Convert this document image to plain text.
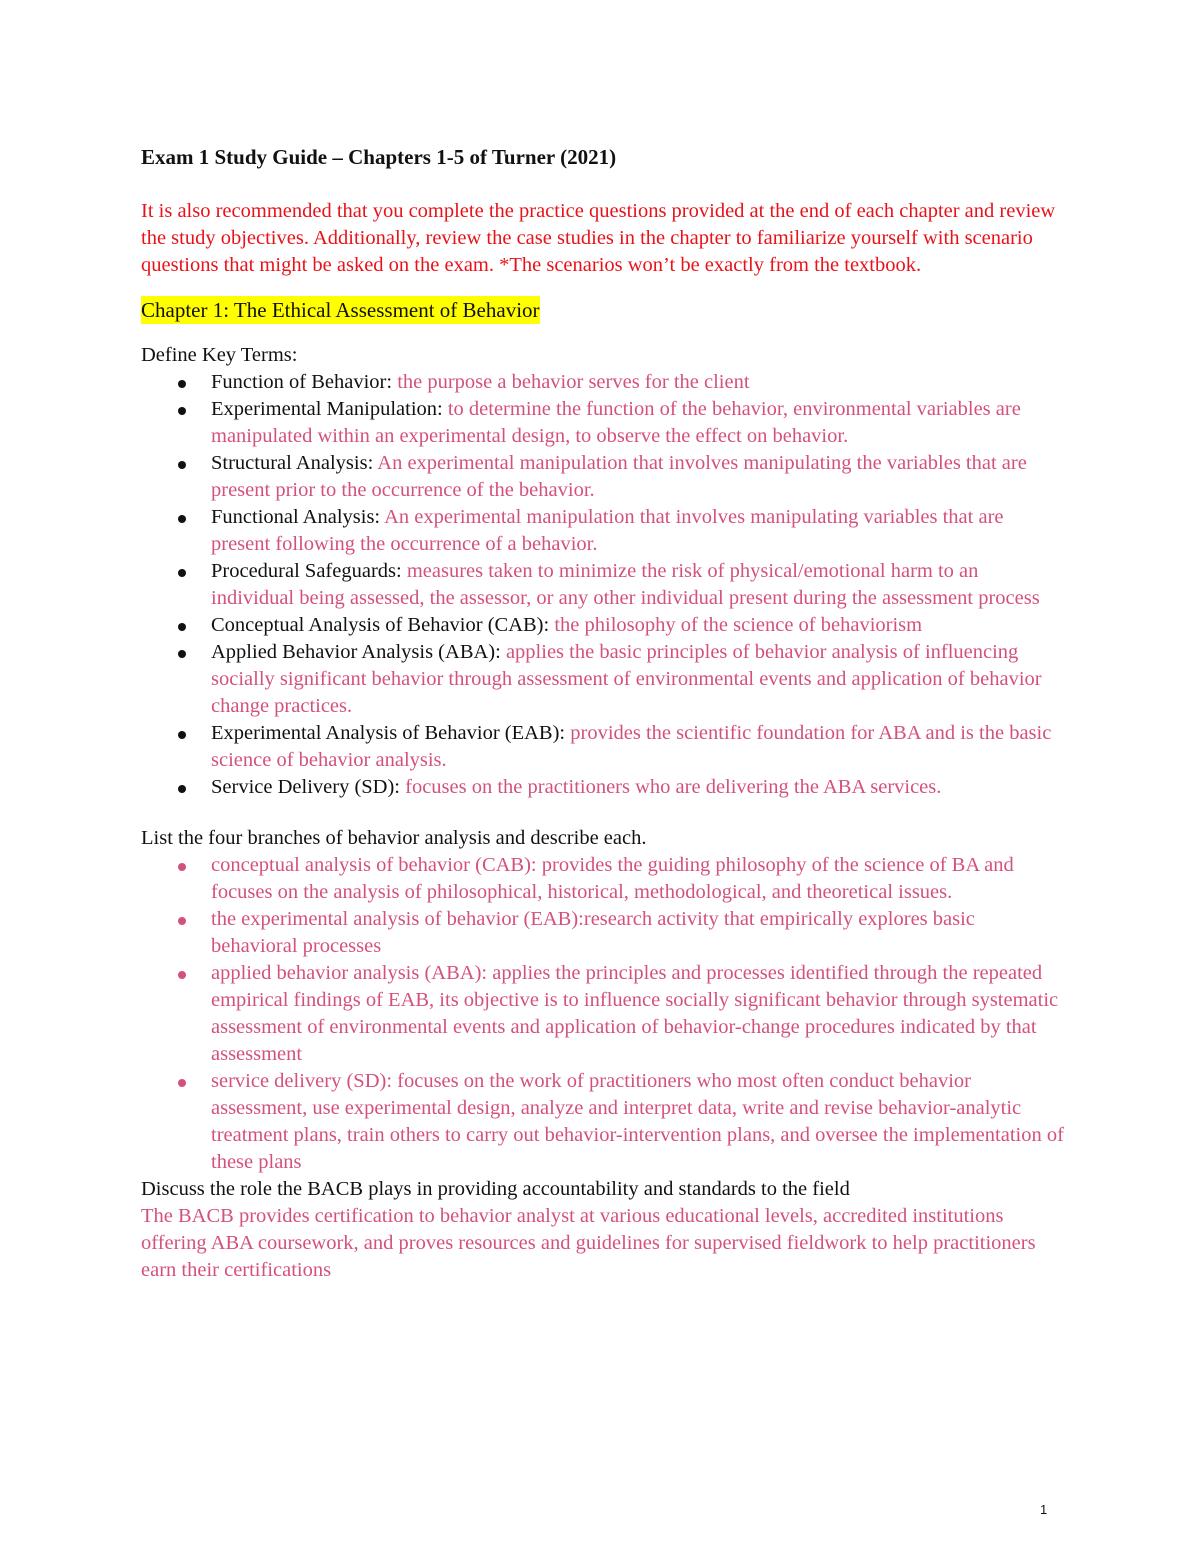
Exam 1 Study Guide – Chapters 1-5 of Turner (2021)

It is also recommended that you complete the practice questions provided at the end of each chapter and review the study objectives. Additionally, review the case studies in the chapter to familiarize yourself with scenario questions that might be asked on the exam. *The scenarios won’t be exactly from the textbook.

Chapter 1: The Ethical Assessment of Behavior

Define Key Terms:

Function of Behavior: the purpose a behavior serves for the client
Experimental Manipulation: to determine the function of the behavior, environmental variables are manipulated within an experimental design, to observe the effect on behavior.
Structural Analysis: An experimental manipulation that involves manipulating the variables that are present prior to the occurrence of the behavior.
Functional Analysis: An experimental manipulation that involves manipulating variables that are present following the occurrence of a behavior.
Procedural Safeguards: measures taken to minimize the risk of physical/emotional harm to an individual being assessed, the assessor, or any other individual present during the assessment process
Conceptual Analysis of Behavior (CAB): the philosophy of the science of behaviorism
Applied Behavior Analysis (ABA): applies the basic principles of behavior analysis of influencing socially significant behavior through assessment of environmental events and application of behavior change practices.
Experimental Analysis of Behavior (EAB): provides the scientific foundation for ABA and is the basic science of behavior analysis.
Service Delivery (SD): focuses on the practitioners who are delivering the ABA services.

List the four branches of behavior analysis and describe each.

conceptual analysis of behavior (CAB): provides the guiding philosophy of the science of BA and focuses on the analysis of philosophical, historical, methodological, and theoretical issues.
the experimental analysis of behavior (EAB):research activity that empirically explores basic behavioral processes
applied behavior analysis (ABA): applies the principles and processes identified through the repeated empirical findings of EAB, its objective is to influence socially significant behavior through systematic assessment of environmental events and application of behavior-change procedures indicated by that assessment
service delivery (SD): focuses on the work of practitioners who most often conduct behavior assessment, use experimental design, analyze and interpret data, write and revise behavior-analytic treatment plans, train others to carry out behavior-intervention plans, and oversee the implementation of these plans

Discuss the role the BACB plays in providing accountability and standards to the field

The BACB provides certification to behavior analyst at various educational levels, accredited institutions offering ABA coursework, and proves resources and guidelines for supervised fieldwork to help practitioners earn their certifications

1
